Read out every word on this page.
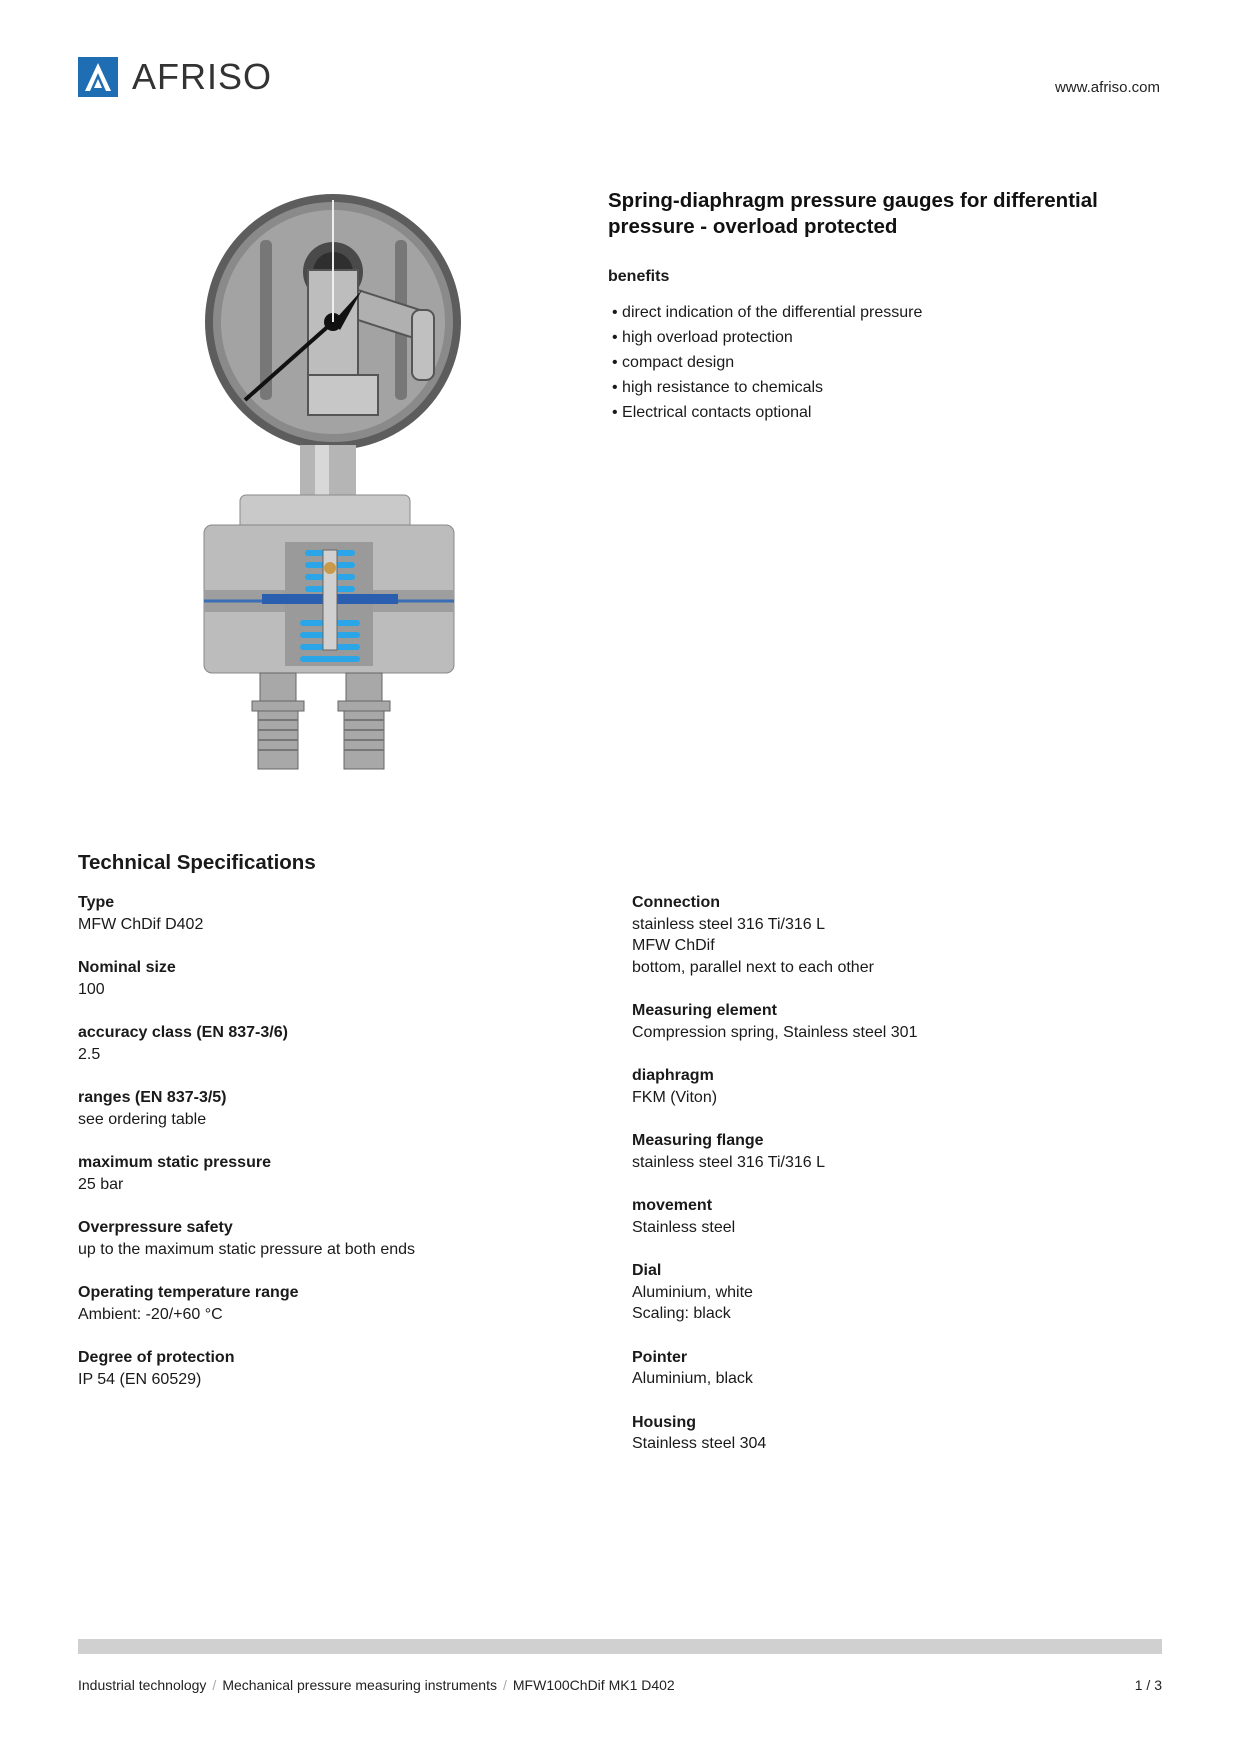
AFRISO	www.afriso.com
Spring-diaphragm pressure gauges for differential pressure - overload protected
benefits
• direct indication of the differential pressure
• high overload protection
• compact design
• high resistance to chemicals
• Electrical contacts optional
Technical Specifications
Type
MFW ChDif D402
Nominal size
100
accuracy class (EN 837-3/6)
2.5
ranges (EN 837-3/5)
see ordering table
maximum static pressure
25 bar
Overpressure safety
up to the maximum static pressure at both ends
Operating temperature range
Ambient: -20/+60 °C
Degree of protection
IP 54 (EN 60529)
Connection
stainless steel 316 Ti/316 L
MFW ChDif
bottom, parallel next to each other
Measuring element
Compression spring, Stainless steel 301
diaphragm
FKM (Viton)
Measuring flange
stainless steel 316 Ti/316 L
movement
Stainless steel
Dial
Aluminium, white
Scaling: black
Pointer
Aluminium, black
Housing
Stainless steel 304
Industrial technology / Mechanical pressure measuring instruments / MFW100ChDif MK1 D402	1 / 3
